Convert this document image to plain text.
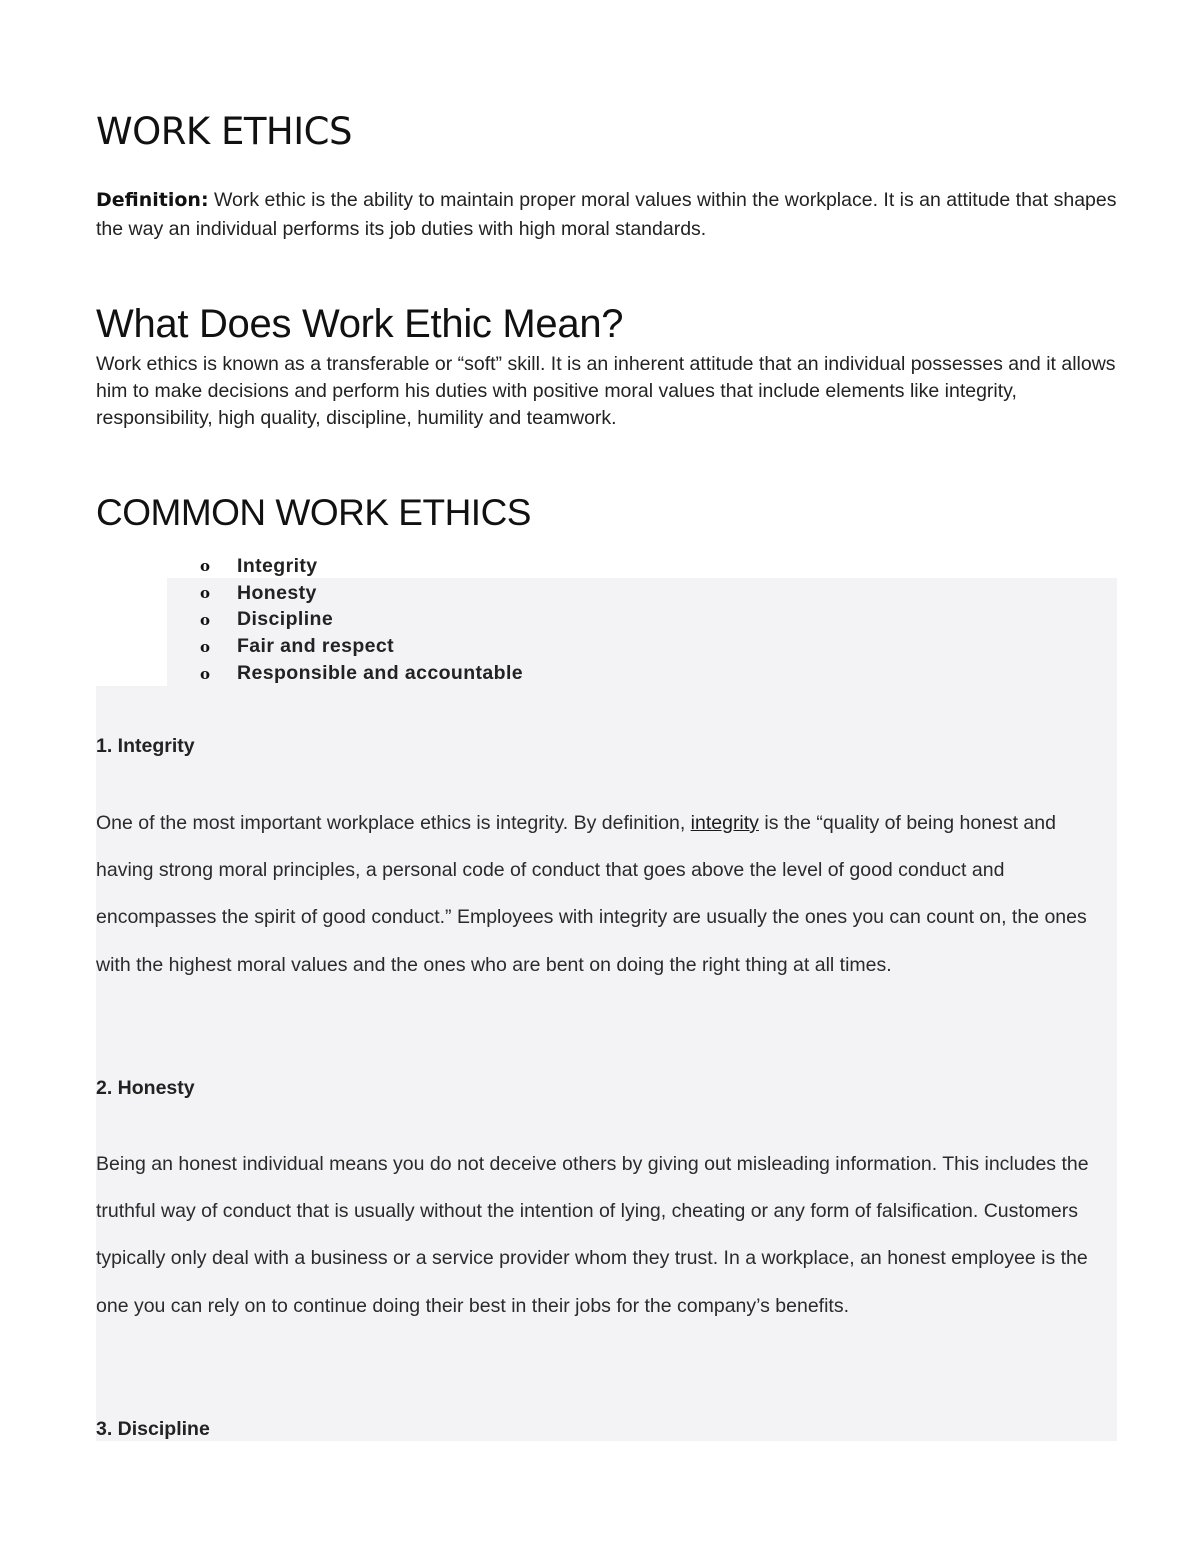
WORK ETHICS

Definition: Work ethic is the ability to maintain proper moral values within the workplace. It is an attitude that shapes the way an individual performs its job duties with high moral standards.

What Does Work Ethic Mean?

Work ethics is known as a transferable or “soft” skill. It is an inherent attitude that an individual possesses and it allows him to make decisions and perform his duties with positive moral values that include elements like integrity, responsibility, high quality, discipline, humility and teamwork.

COMMON WORK ETHICS
o	Integrity
o	Honesty
o	Discipline
o	Fair and respect
o	Responsible and accountable
1. Integrity

One of the most important workplace ethics is integrity. By definition, integrity is the “quality of being honest and having strong moral principles, a personal code of conduct that goes above the level of good conduct and encompasses the spirit of good conduct.” Employees with integrity are usually the ones you can count on, the ones with the highest moral values and the ones who are bent on doing the right thing at all times.

2. Honesty

Being an honest individual means you do not deceive others by giving out misleading information. This includes the truthful way of conduct that is usually without the intention of lying, cheating or any form of falsification. Customers typically only deal with a business or a service provider whom they trust. In a workplace, an honest employee is the one you can rely on to continue doing their best in their jobs for the company’s benefits.

3. Discipline
